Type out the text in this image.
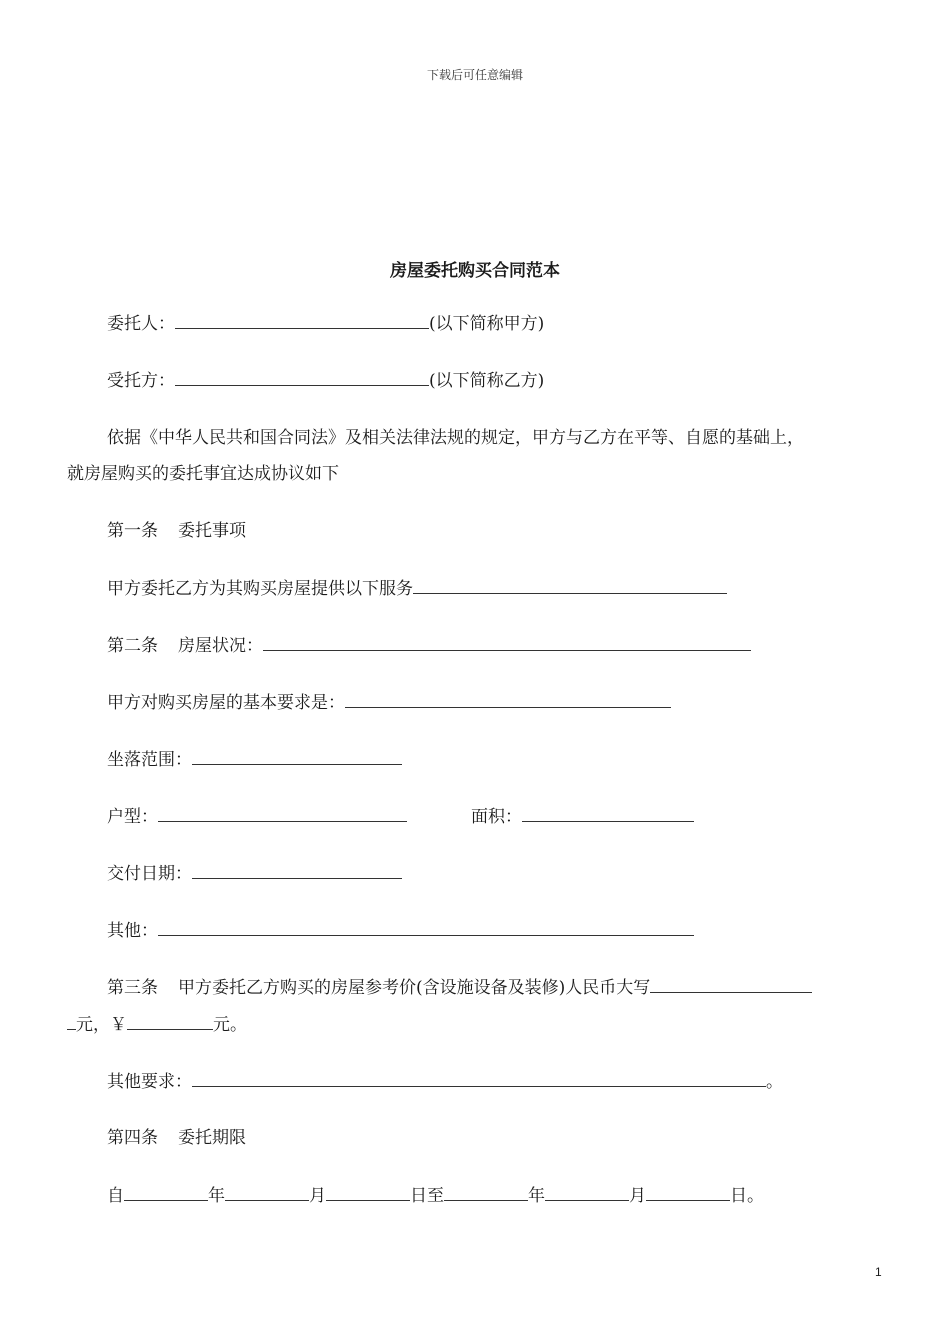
下载后可任意编辑
房屋委托购买合同范本
委托人：	(以下简称甲方)
受托方：	(以下简称乙方)
依据《中华人民共和国合同法》及相关法律法规的规定，甲方与乙方在平等、自愿的基础上，
就房屋购买的委托事宜达成协议如下
第一条 委托事项
甲方委托乙方为其购买房屋提供以下服务
第二条 房屋状况：
甲方对购买房屋的基本要求是：
坐落范围：
户型：	面积：
交付日期：
其他：
第三条 甲方委托乙方购买的房屋参考价(含设施设备及装修)人民币大写
元，￥	元。
其他要求：	。
第四条 委托期限
自	年	月	日至	年	月	日。
1
